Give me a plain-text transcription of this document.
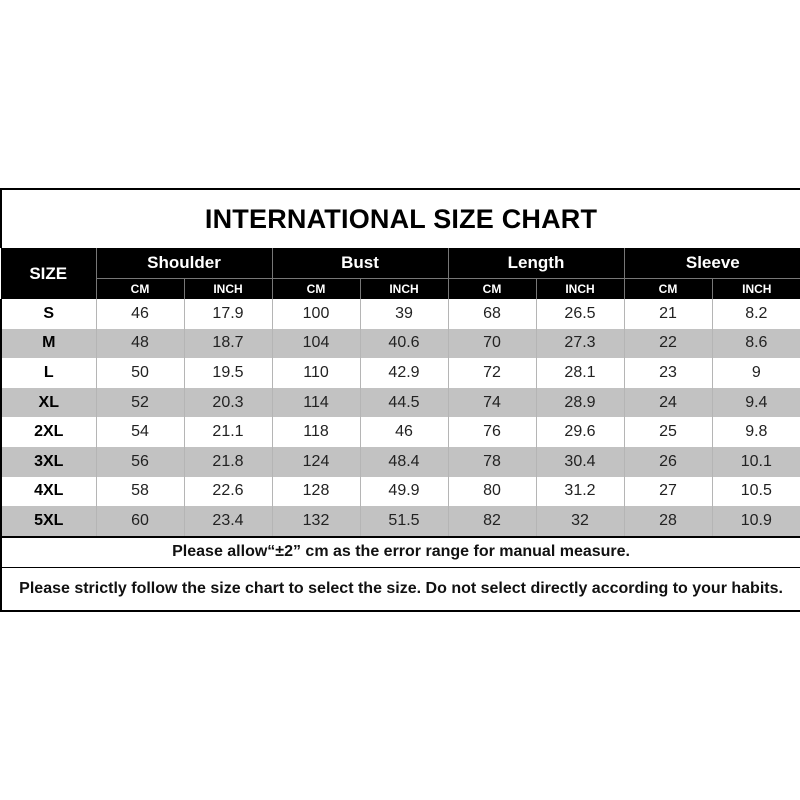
INTERNATIONAL SIZE CHART								
SIZE	Shoulder		Bust		Length		Sleeve	
	CM	INCH	CM	INCH	CM	INCH	CM	INCH
S	46	17.9	100	39	68	26.5	21	8.2
M	48	18.7	104	40.6	70	27.3	22	8.6
L	50	19.5	110	42.9	72	28.1	23	9
XL	52	20.3	114	44.5	74	28.9	24	9.4
2XL	54	21.1	118	46	76	29.6	25	9.8
3XL	56	21.8	124	48.4	78	30.4	26	10.1
4XL	58	22.6	128	49.9	80	31.2	27	10.5
5XL	60	23.4	132	51.5	82	32	28	10.9
Please allow“±2” cm as the error range for manual measure.								
Please strictly follow the size chart to select the size. Do not select directly according to your habits.								
